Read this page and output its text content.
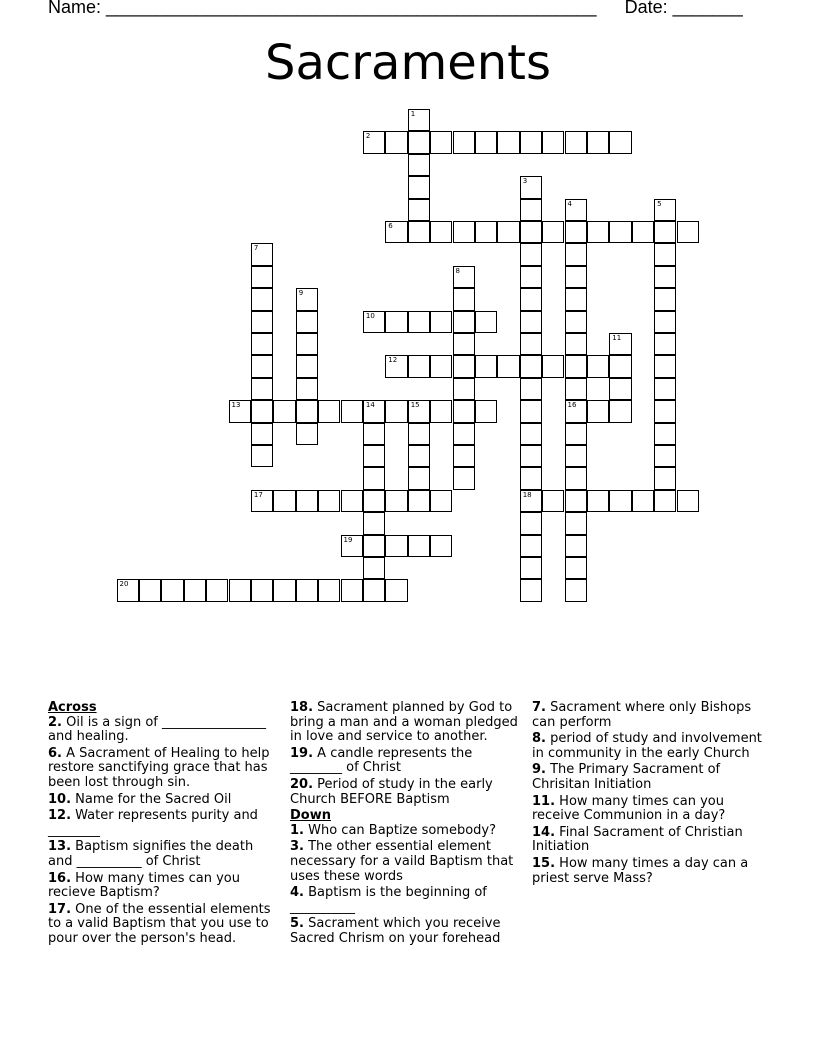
Name: _________________________________________________ Date: _______
Sacraments
1
2
3
18
4
16
5
6
7
8
9
10
11
12
13	14	15
17
19
20
Across
2. Oil is a sign of ________________ and healing.
6. A Sacrament of Healing to help restore sanctifying grace that has been lost through sin.
10. Name for the Sacred Oil
12. Water represents purity and ________
13. Baptism signifies the death and __________ of Christ
16. How many times can you recieve Baptism?
17. One of the essential elements to a valid Baptism that you use to pour over the person's head.
18. Sacrament planned by God to bring a man and a woman pledged in love and service to another.
19. A candle represents the ________ of Christ
20. Period of study in the early Church BEFORE Baptism
Down
1. Who can Baptize somebody?
3. The other essential element necessary for a vaild Baptism that uses these words
4. Baptism is the beginning of __________
5. Sacrament which you receive Sacred Chrism on your forehead
7. Sacrament where only Bishops can perform
8. period of study and involvement in community in the early Church
9. The Primary Sacrament of Chrisitan Initiation
11. How many times can you receive Communion in a day?
14. Final Sacrament of Christian Initiation
15. How many times a day can a priest serve Mass?
